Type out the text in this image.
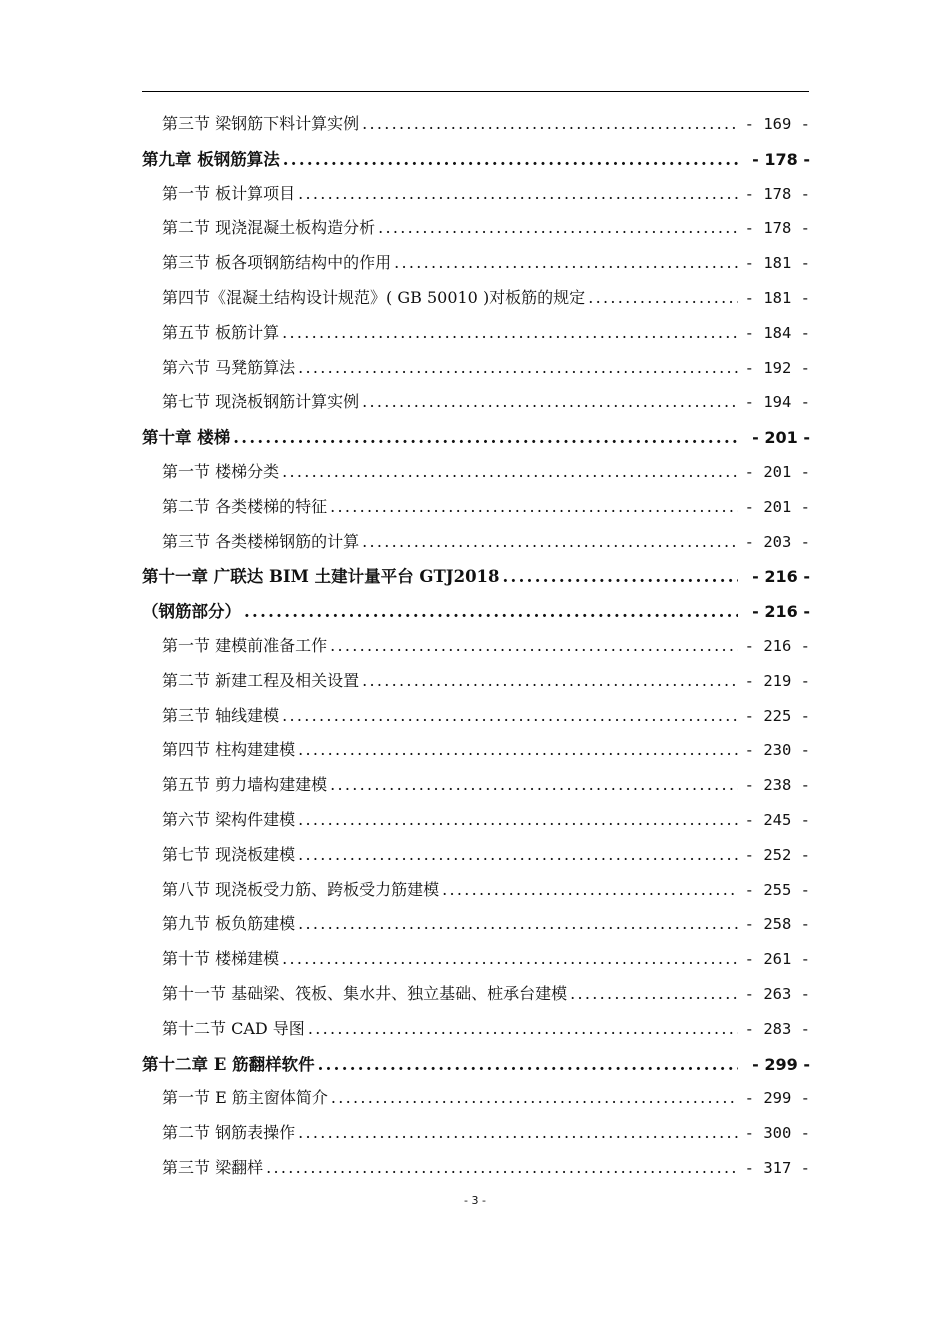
第三节 梁钢筋下料计算实例 .....	- 169 -
第九章 板钢筋算法 .....	- 178 -
第一节 板计算项目 .....	- 178 -
第二节 现浇混凝土板构造分析 .....	- 178 -
第三节 板各项钢筋结构中的作用 .....	- 181 -
第四节《混凝土结构设计规范》( GB 50010 )对板筋的规定 .....	- 181 -
第五节 板筋计算 .....	- 184 -
第六节 马凳筋算法 .....	- 192 -
第七节 现浇板钢筋计算实例 .....	- 194 -
第十章 楼梯 .....	- 201 -
第一节 楼梯分类 .....	- 201 -
第二节 各类楼梯的特征 .....	- 201 -
第三节 各类楼梯钢筋的计算 .....	- 203 -
第十一章 广联达 BIM 土建计量平台 GTJ2018 .....	- 216 -
（钢筋部分） .....	- 216 -
第一节 建模前准备工作 .....	- 216 -
第二节 新建工程及相关设置 .....	- 219 -
第三节 轴线建模 .....	- 225 -
第四节 柱构建建模 .....	- 230 -
第五节 剪力墙构建建模 .....	- 238 -
第六节 梁构件建模 .....	- 245 -
第七节 现浇板建模 .....	- 252 -
第八节 现浇板受力筋、跨板受力筋建模 .....	- 255 -
第九节 板负筋建模 .....	- 258 -
第十节 楼梯建模 .....	- 261 -
第十一节 基础梁、筏板、集水井、独立基础、桩承台建模 .....	- 263 -
第十二节 CAD 导图 .....	- 283 -
第十二章 E 筋翻样软件 .....	- 299 -
第一节 E 筋主窗体简介 .....	- 299 -
第二节 钢筋表操作 .....	- 300 -
第三节 梁翻样 .....	- 317 -
- 3 -
